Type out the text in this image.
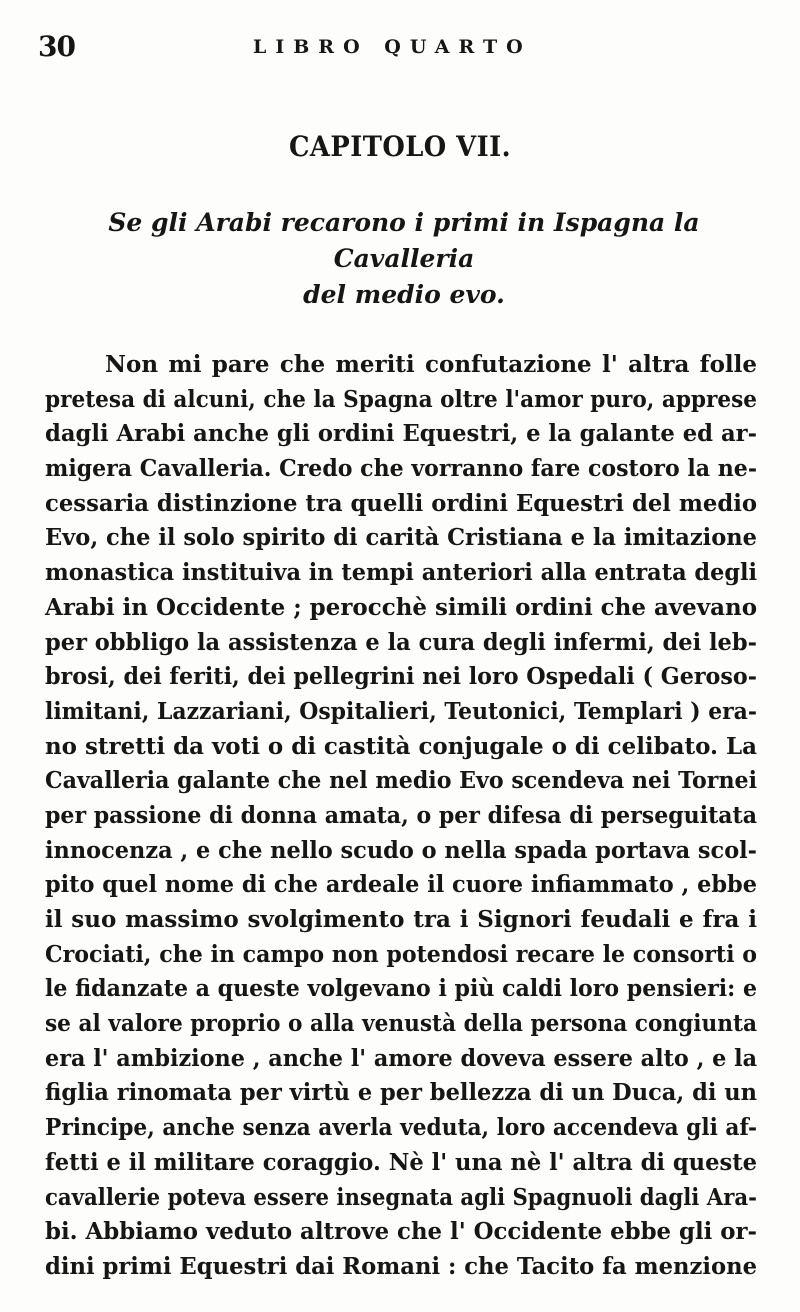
30	LIBRO QUARTO
CAPITOLO VII.
Se gli Arabi recarono i primi in Ispagna la Cavalleria
del medio evo.
Non mi pare che meriti confutazione l' altra folle
pretesa di alcuni, che la Spagna oltre l'amor puro, apprese
dagli Arabi anche gli ordini Equestri, e la galante ed ar-
migera Cavalleria. Credo che vorranno fare costoro la ne-
cessaria distinzione tra quelli ordini Equestri del medio
Evo, che il solo spirito di carità Cristiana e la imitazione
monastica instituiva in tempi anteriori alla entrata degli
Arabi in Occidente ; perocchè simili ordini che avevano
per obbligo la assistenza e la cura degli infermi, dei leb-
brosi, dei feriti, dei pellegrini nei loro Ospedali ( Geroso-
limitani, Lazzariani, Ospitalieri, Teutonici, Templari ) era-
no stretti da voti o di castità conjugale o di celibato. La
Cavalleria galante che nel medio Evo scendeva nei Tornei
per passione di donna amata, o per difesa di perseguitata
innocenza , e che nello scudo o nella spada portava scol-
pito quel nome di che ardeale il cuore infiammato , ebbe
il suo massimo svolgimento tra i Signori feudali e fra i
Crociati, che in campo non potendosi recare le consorti o
le fidanzate a queste volgevano i più caldi loro pensieri: e
se al valore proprio o alla venustà della persona congiunta
era l' ambizione , anche l' amore doveva essere alto , e la
figlia rinomata per virtù e per bellezza di un Duca, di un
Principe, anche senza averla veduta, loro accendeva gli af-
fetti e il militare coraggio. Nè l' una nè l' altra di queste
cavallerie poteva essere insegnata agli Spagnuoli dagli Ara-
bi. Abbiamo veduto altrove che l' Occidente ebbe gli or-
dini primi Equestri dai Romani : che Tacito fa menzione
